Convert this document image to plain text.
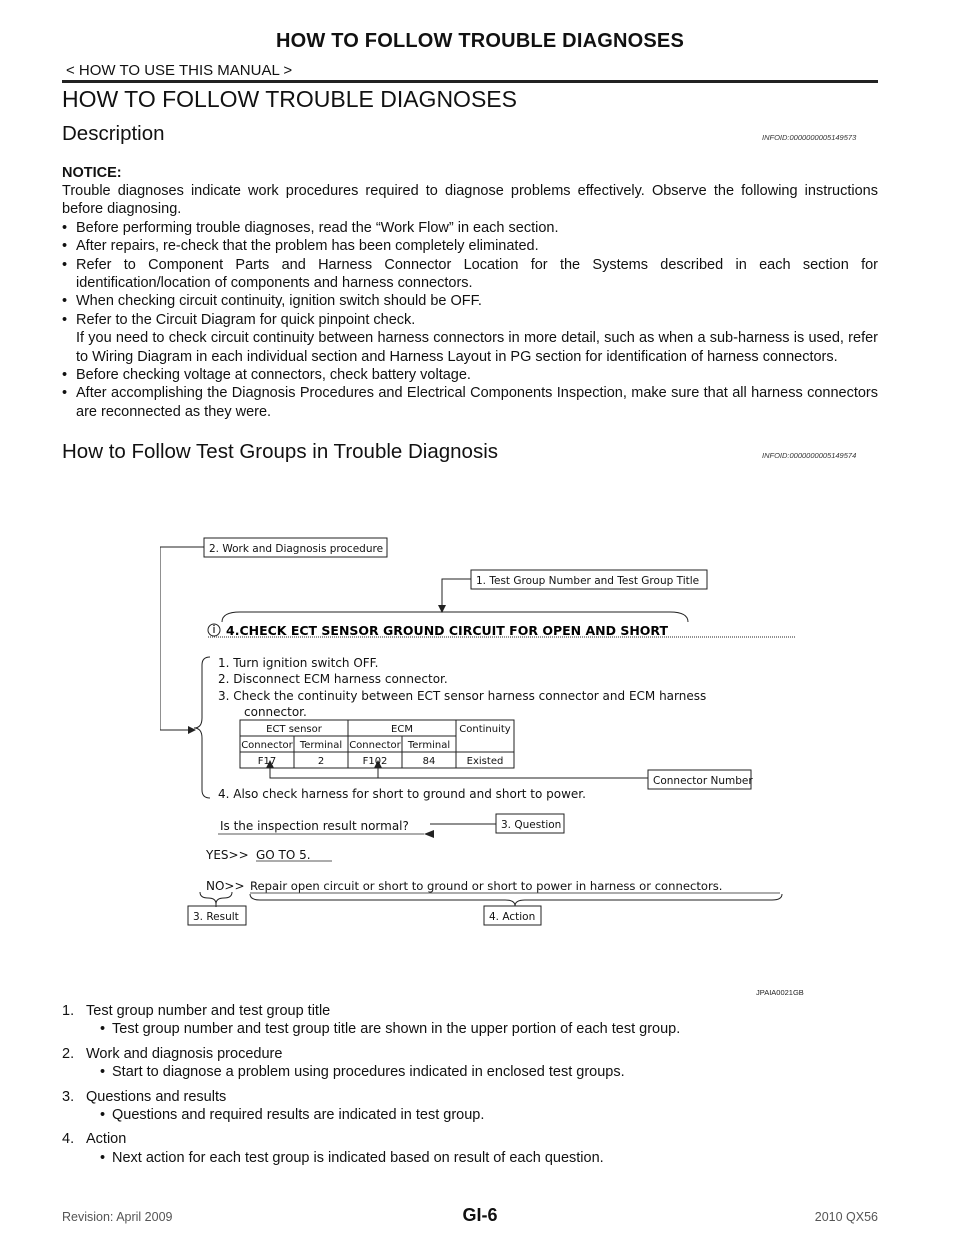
HOW TO FOLLOW TROUBLE DIAGNOSES
< HOW TO USE THIS MANUAL >
HOW TO FOLLOW TROUBLE DIAGNOSES
Description	INFOID:0000000005149573
NOTICE:

Trouble diagnoses indicate work procedures required to diagnose problems effectively. Observe the following instructions before diagnosing.

• Before performing trouble diagnoses, read the “Work Flow” in each section.
• After repairs, re-check that the problem has been completely eliminated.
• Refer to Component Parts and Harness Connector Location for the Systems described in each section for identification/location of components and harness connectors.
• When checking circuit continuity, ignition switch should be OFF.
• Refer to the Circuit Diagram for quick pinpoint check.
If you need to check circuit continuity between harness connectors in more detail, such as when a sub-harness is used, refer to Wiring Diagram in each individual section and Harness Layout in PG section for identification of harness connectors.
• Before checking voltage at connectors, check battery voltage.
• After accomplishing the Diagnosis Procedures and Electrical Components Inspection, make sure that all harness connectors are reconnected as they were.
How to Follow Test Groups in Trouble Diagnosis	INFOID:0000000005149574
2. Work and Diagnosis procedure
1. Test Group Number and Test Group Title
Connector Number
3. Question
3. Result	4. Action
4.CHECK ECT SENSOR GROUND CIRCUIT FOR OPEN AND SHORT
1. Turn ignition switch OFF.
2. Disconnect ECM harness connector.
3. Check the continuity between ECT sensor harness connector and ECM harness
connector.
4. Also check harness for short to ground and short to power.
Is the inspection result normal?
ECT sensor	ECM	Continuity
Connector Terminal Connector Terminal
F17	2	F102	84	Existed
YES>> GO TO 5.
NO>> Repair open circuit or short to ground or short to power in harness or connectors.
JPAIA0021GB
1. Test group number and test group title
• Test group number and test group title are shown in the upper portion of each test group.
2. Work and diagnosis procedure
• Start to diagnose a problem using procedures indicated in enclosed test groups.
3. Questions and results
• Questions and required results are indicated in test group.
4. Action
• Next action for each test group is indicated based on result of each question.
Revision: April 2009	GI-6	2010 QX56
